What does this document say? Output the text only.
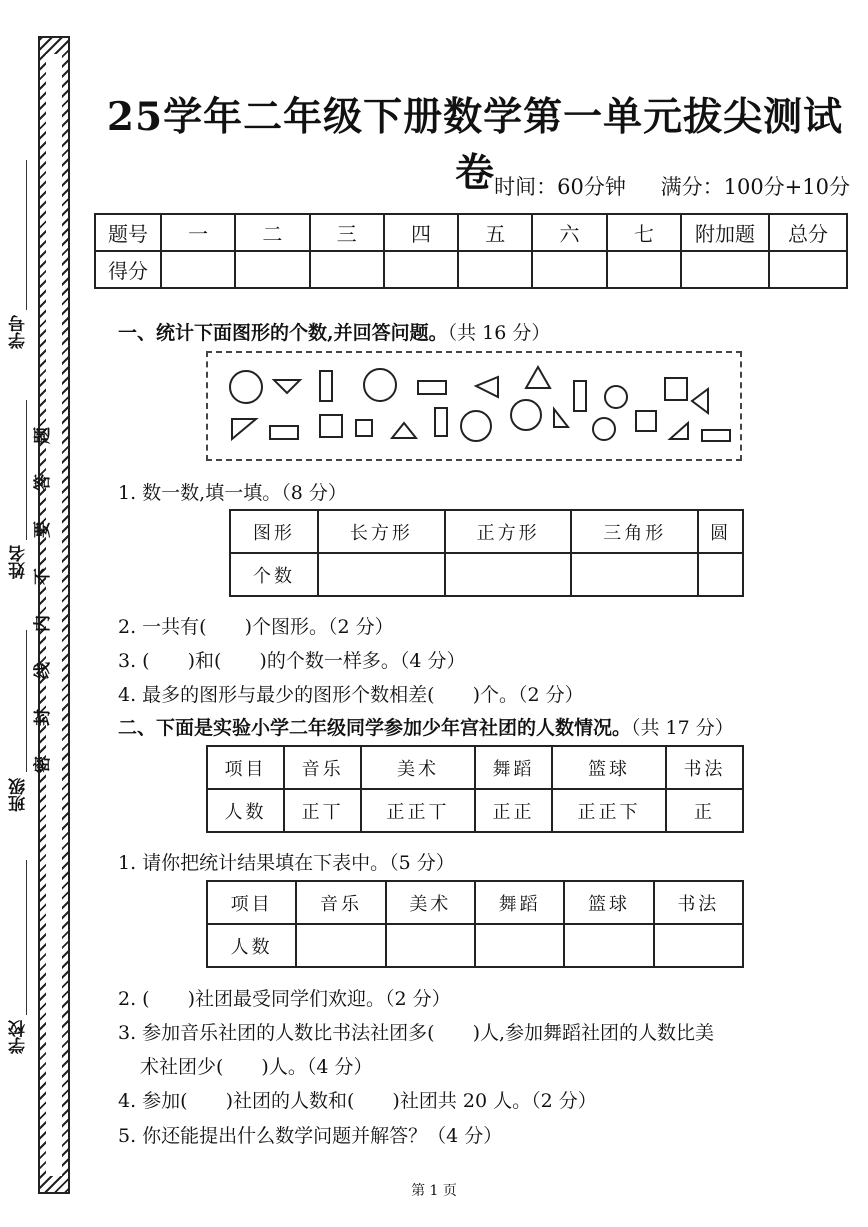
学号
姓名
班级
学校
题
答
要
不
内
线
封
密
25学年二年级下册数学第一单元拔尖测试卷 时间：60分钟 满分：100分+10分
题号	一	二	三	四	五	六	七	附加题	总分
得分									
一、统计下面图形的个数,并回答问题。（共 16 分）
1. 数一数,填一填。（8 分）
图形	长方形	正方形	三角形	圆
个数				
2. 一共有(　　)个图形。（2 分）
3. (　　)和(　　)的个数一样多。（4 分）
4. 最多的图形与最少的图形个数相差(　　)个。（2 分）
二、下面是实验小学二年级同学参加少年宫社团的人数情况。（共 17 分）
项目	音乐	美术	舞蹈	篮球	书法
人数	正丅	正正丅	正正	正正下	正
1. 请你把统计结果填在下表中。（5 分）
项目	音乐	美术	舞蹈	篮球	书法
人数					
2. (　　)社团最受同学们欢迎。（2 分）
3. 参加音乐社团的人数比书法社团多(　　)人,参加舞蹈社团的人数比美
术社团少(　　)人。（4 分）
4. 参加(　　)社团的人数和(　　)社团共 20 人。（2 分）
5. 你还能提出什么数学问题并解答？（4 分）
第 1 页
